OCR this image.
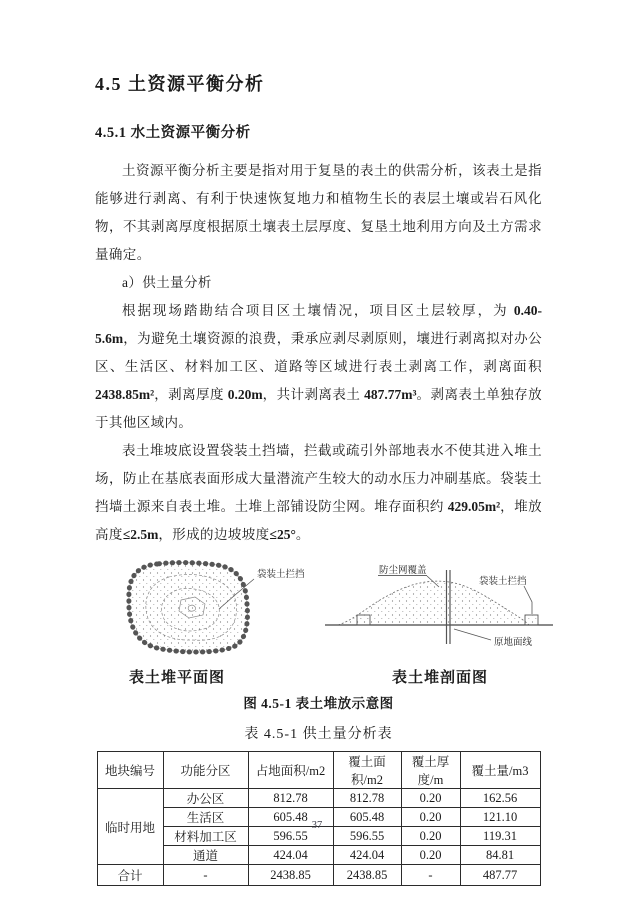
4.5 土资源平衡分析
4.5.1 水土资源平衡分析

土资源平衡分析主要是指对用于复垦的表土的供需分析，该表土是指能够进行剥离、有利于快速恢复地力和植物生长的表层土壤或岩石风化物，不其剥离厚度根据原土壤表土层厚度、复垦土地利用方向及土方需求量确定。

a）供土量分析

根据现场踏勘结合项目区土壤情况，项目区土层较厚，为 0.40-5.6m，为避免土壤资源的浪费，秉承应剥尽剥原则，壤进行剥离拟对办公区、生活区、材料加工区、道路等区域进行表土剥离工作，剥离面积 2438.85m²，剥离厚度 0.20m，共计剥离表土 487.77m³。剥离表土单独存放于其他区域内。

表土堆坡底设置袋装土挡墙，拦截或疏引外部地表水不使其进入堆土场，防止在基底表面形成大量潜流产生较大的动水压力冲刷基底。袋装土挡墙土源来自表土堆。土堆上部铺设防尘网。堆存面积约 429.05m²，堆放高度≤2.5m，形成的边坡坡度≤25°。

袋装土拦挡
表土堆平面图
防尘网覆盖
袋装土拦挡
原地面线
表土堆剖面图
图 4.5-1 表土堆放示意图
表 4.5-1 供土量分析表
地块编号	功能分区	占地面积/m2	覆土面积/m2	覆土厚度/m	覆土量/m3
临时用地	办公区	812.78	812.78	0.20	162.56
	生活区	605.48	605.48	0.20	121.10
	材料加工区	596.55	596.55	0.20	119.31
	通道	424.04	424.04	0.20	84.81
合计	-	2438.85	2438.85	-	487.77
37
